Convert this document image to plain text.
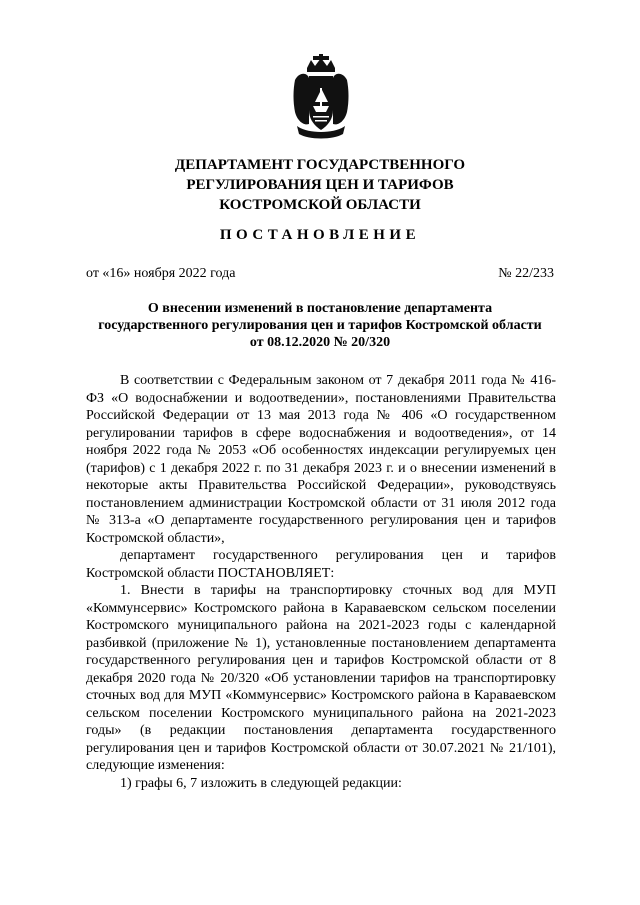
ДЕПАРТАМЕНТ ГОСУДАРСТВЕННОГО
РЕГУЛИРОВАНИЯ ЦЕН И ТАРИФОВ
КОСТРОМСКОЙ ОБЛАСТИ
ПОСТАНОВЛЕНИЕ
от «16» ноября 2022 года	№ 22/233
О внесении изменений в постановление департамента
государственного регулирования цен и тарифов Костромской области
от 08.12.2020 № 20/320

В соответствии с Федеральным законом от 7 декабря 2011 года № 416-ФЗ «О водоснабжении и водоотведении», постановлениями Правительства Российской Федерации от 13 мая 2013 года № 406 «О государственном регулировании тарифов в сфере водоснабжения и водоотведения», от 14 ноября 2022 года № 2053 «Об особенностях индексации регулируемых цен (тарифов) с 1 декабря 2022 г. по 31 декабря 2023 г. и о внесении изменений в некоторые акты Правительства Российской Федерации», руководствуясь постановлением администрации Костромской области от 31 июля 2012 года № 313-а «О департаменте государственного регулирования цен и тарифов Костромской области»,

департамент государственного регулирования цен и тарифов Костромской области ПОСТАНОВЛЯЕТ:

1. Внести в тарифы на транспортировку сточных вод для МУП «Коммунсервис» Костромского района в Караваевском сельском поселении Костромского муниципального района на 2021-2023 годы с календарной разбивкой (приложение № 1), установленные постановлением департамента государственного регулирования цен и тарифов Костромской области от 8 декабря 2020 года № 20/320 «Об установлении тарифов на транспортировку сточных вод для МУП «Коммунсервис» Костромского района в Караваевском сельском поселении Костромского муниципального района на 2021-2023 годы» (в редакции постановления департамента государственного регулирования цен и тарифов Костромской области от 30.07.2021 № 21/101), следующие изменения:

1) графы 6, 7 изложить в следующей редакции:
